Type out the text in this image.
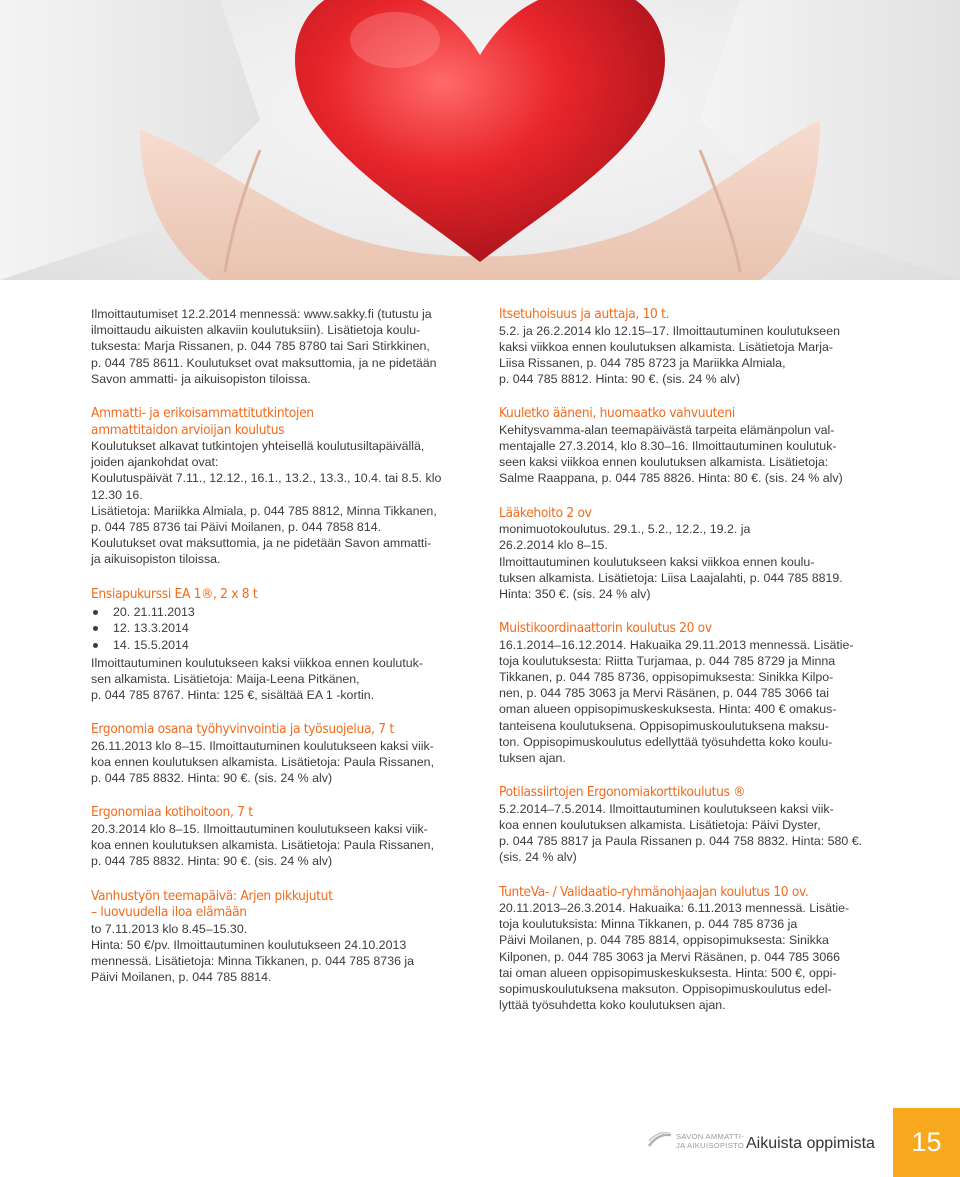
Ilmoittautumiset 12.2.2014 mennessä: www.sakky.fi (tutustu ja
ilmoittaudu aikuisten alkaviin koulutuksiin). Lisätietoja koulu-
tuksesta: Marja Rissanen, p. 044 785 8780 tai Sari Stirkkinen,
p. 044 785 8611. Koulutukset ovat maksuttomia, ja ne pidetään
Savon ammatti- ja aikuisopiston tiloissa.
Ammatti- ja erikoisammattitutkintojen
ammattitaidon arvioijan koulutus
Koulutukset alkavat tutkintojen yhteisellä koulutusiltapäivällä,
joiden ajankohdat ovat:
Koulutuspäivät 7.11., 12.12., 16.1., 13.2., 13.3., 10.4. tai 8.5. klo
12.30 16.
Lisätietoja: Mariikka Almiala, p. 044 785 8812, Minna Tikkanen,
p. 044 785 8736 tai Päivi Moilanen, p. 044 7858 814.
Koulutukset ovat maksuttomia, ja ne pidetään Savon ammatti-
ja aikuisopiston tiloissa.
Ensiapukurssi EA 1®, 2 x 8 t
20. 21.11.2013
12. 13.3.2014
14. 15.5.2014
Ilmoittautuminen koulutukseen kaksi viikkoa ennen koulutuk-
sen alkamista. Lisätietoja: Maija-Leena Pitkänen,
p. 044 785 8767. Hinta: 125 €, sisältää EA 1 -kortin.
Ergonomia osana työhyvinvointia ja työsuojelua, 7 t
26.11.2013 klo 8–15. Ilmoittautuminen koulutukseen kaksi viik-
koa ennen koulutuksen alkamista. Lisätietoja: Paula Rissanen,
p. 044 785 8832. Hinta: 90 €. (sis. 24 % alv)
Ergonomiaa kotihoitoon, 7 t
20.3.2014 klo 8–15. Ilmoittautuminen koulutukseen kaksi viik-
koa ennen koulutuksen alkamista. Lisätietoja: Paula Rissanen,
p. 044 785 8832. Hinta: 90 €. (sis. 24 % alv)
Vanhustyön teemapäivä: Arjen pikkujutut
– luovuudella iloa elämään
to 7.11.2013 klo 8.45–15.30.
Hinta: 50 €/pv. Ilmoittautuminen koulutukseen 24.10.2013
mennessä. Lisätietoja: Minna Tikkanen, p. 044 785 8736 ja
Päivi Moilanen, p. 044 785 8814.
Itsetuhoisuus ja auttaja, 10 t.
5.2. ja 26.2.2014 klo 12.15–17. Ilmoittautuminen koulutukseen
kaksi viikkoa ennen koulutuksen alkamista. Lisätietoja Marja-
Liisa Rissanen, p. 044 785 8723 ja Mariikka Almiala,
p. 044 785 8812. Hinta: 90 €. (sis. 24 % alv)
Kuuletko ääneni, huomaatko vahvuuteni
Kehitysvamma-alan teemapäivästä tarpeita elämänpolun val-
mentajalle 27.3.2014, klo 8.30–16. Ilmoittautuminen koulutuk-
seen kaksi viikkoa ennen koulutuksen alkamista. Lisätietoja:
Salme Raappana, p. 044 785 8826. Hinta: 80 €. (sis. 24 % alv)
Lääkehoito 2 ov
monimuotokoulutus. 29.1., 5.2., 12.2., 19.2. ja
26.2.2014 klo 8–15.
Ilmoittautuminen koulutukseen kaksi viikkoa ennen koulu-
tuksen alkamista. Lisätietoja: Liisa Laajalahti, p. 044 785 8819.
Hinta: 350 €. (sis. 24 % alv)
Muistikoordinaattorin koulutus 20 ov
16.1.2014–16.12.2014. Hakuaika 29.11.2013 mennessä. Lisätie-
toja koulutuksesta: Riitta Turjamaa, p. 044 785 8729 ja Minna
Tikkanen, p. 044 785 8736, oppisopimuksesta: Sinikka Kilpo-
nen, p. 044 785 3063 ja Mervi Räsänen, p. 044 785 3066 tai
oman alueen oppisopimuskeskuksesta. Hinta: 400 € omakus-
tanteisena koulutuksena. Oppisopimuskoulutuksena maksu-
ton. Oppisopimuskoulutus edellyttää työsuhdetta koko koulu-
tuksen ajan.
Potilassiirtojen Ergonomiakorttikoulutus ®
5.2.2014–7.5.2014. Ilmoittautuminen koulutukseen kaksi viik-
koa ennen koulutuksen alkamista. Lisätietoja: Päivi Dyster,
p. 044 785 8817 ja Paula Rissanen p. 044 758 8832. Hinta: 580 €.
(sis. 24 % alv)
TunteVa- / Validaatio-ryhmänohjaajan koulutus 10 ov.
20.11.2013–26.3.2014. Hakuaika: 6.11.2013 mennessä. Lisätie-
toja koulutuksista: Minna Tikkanen, p. 044 785 8736 ja
Päivi Moilanen, p. 044 785 8814, oppisopimuksesta: Sinikka
Kilponen, p. 044 785 3063 ja Mervi Räsänen, p. 044 785 3066
tai oman alueen oppisopimuskeskuksesta. Hinta: 500 €, oppi-
sopimuskoulutuksena maksuton. Oppisopimuskoulutus edel-
lyttää työsuhdetta koko koulutuksen ajan.
SAVON AMMATTI-
JA AIKUISOPISTO Aikuista oppimista	15
